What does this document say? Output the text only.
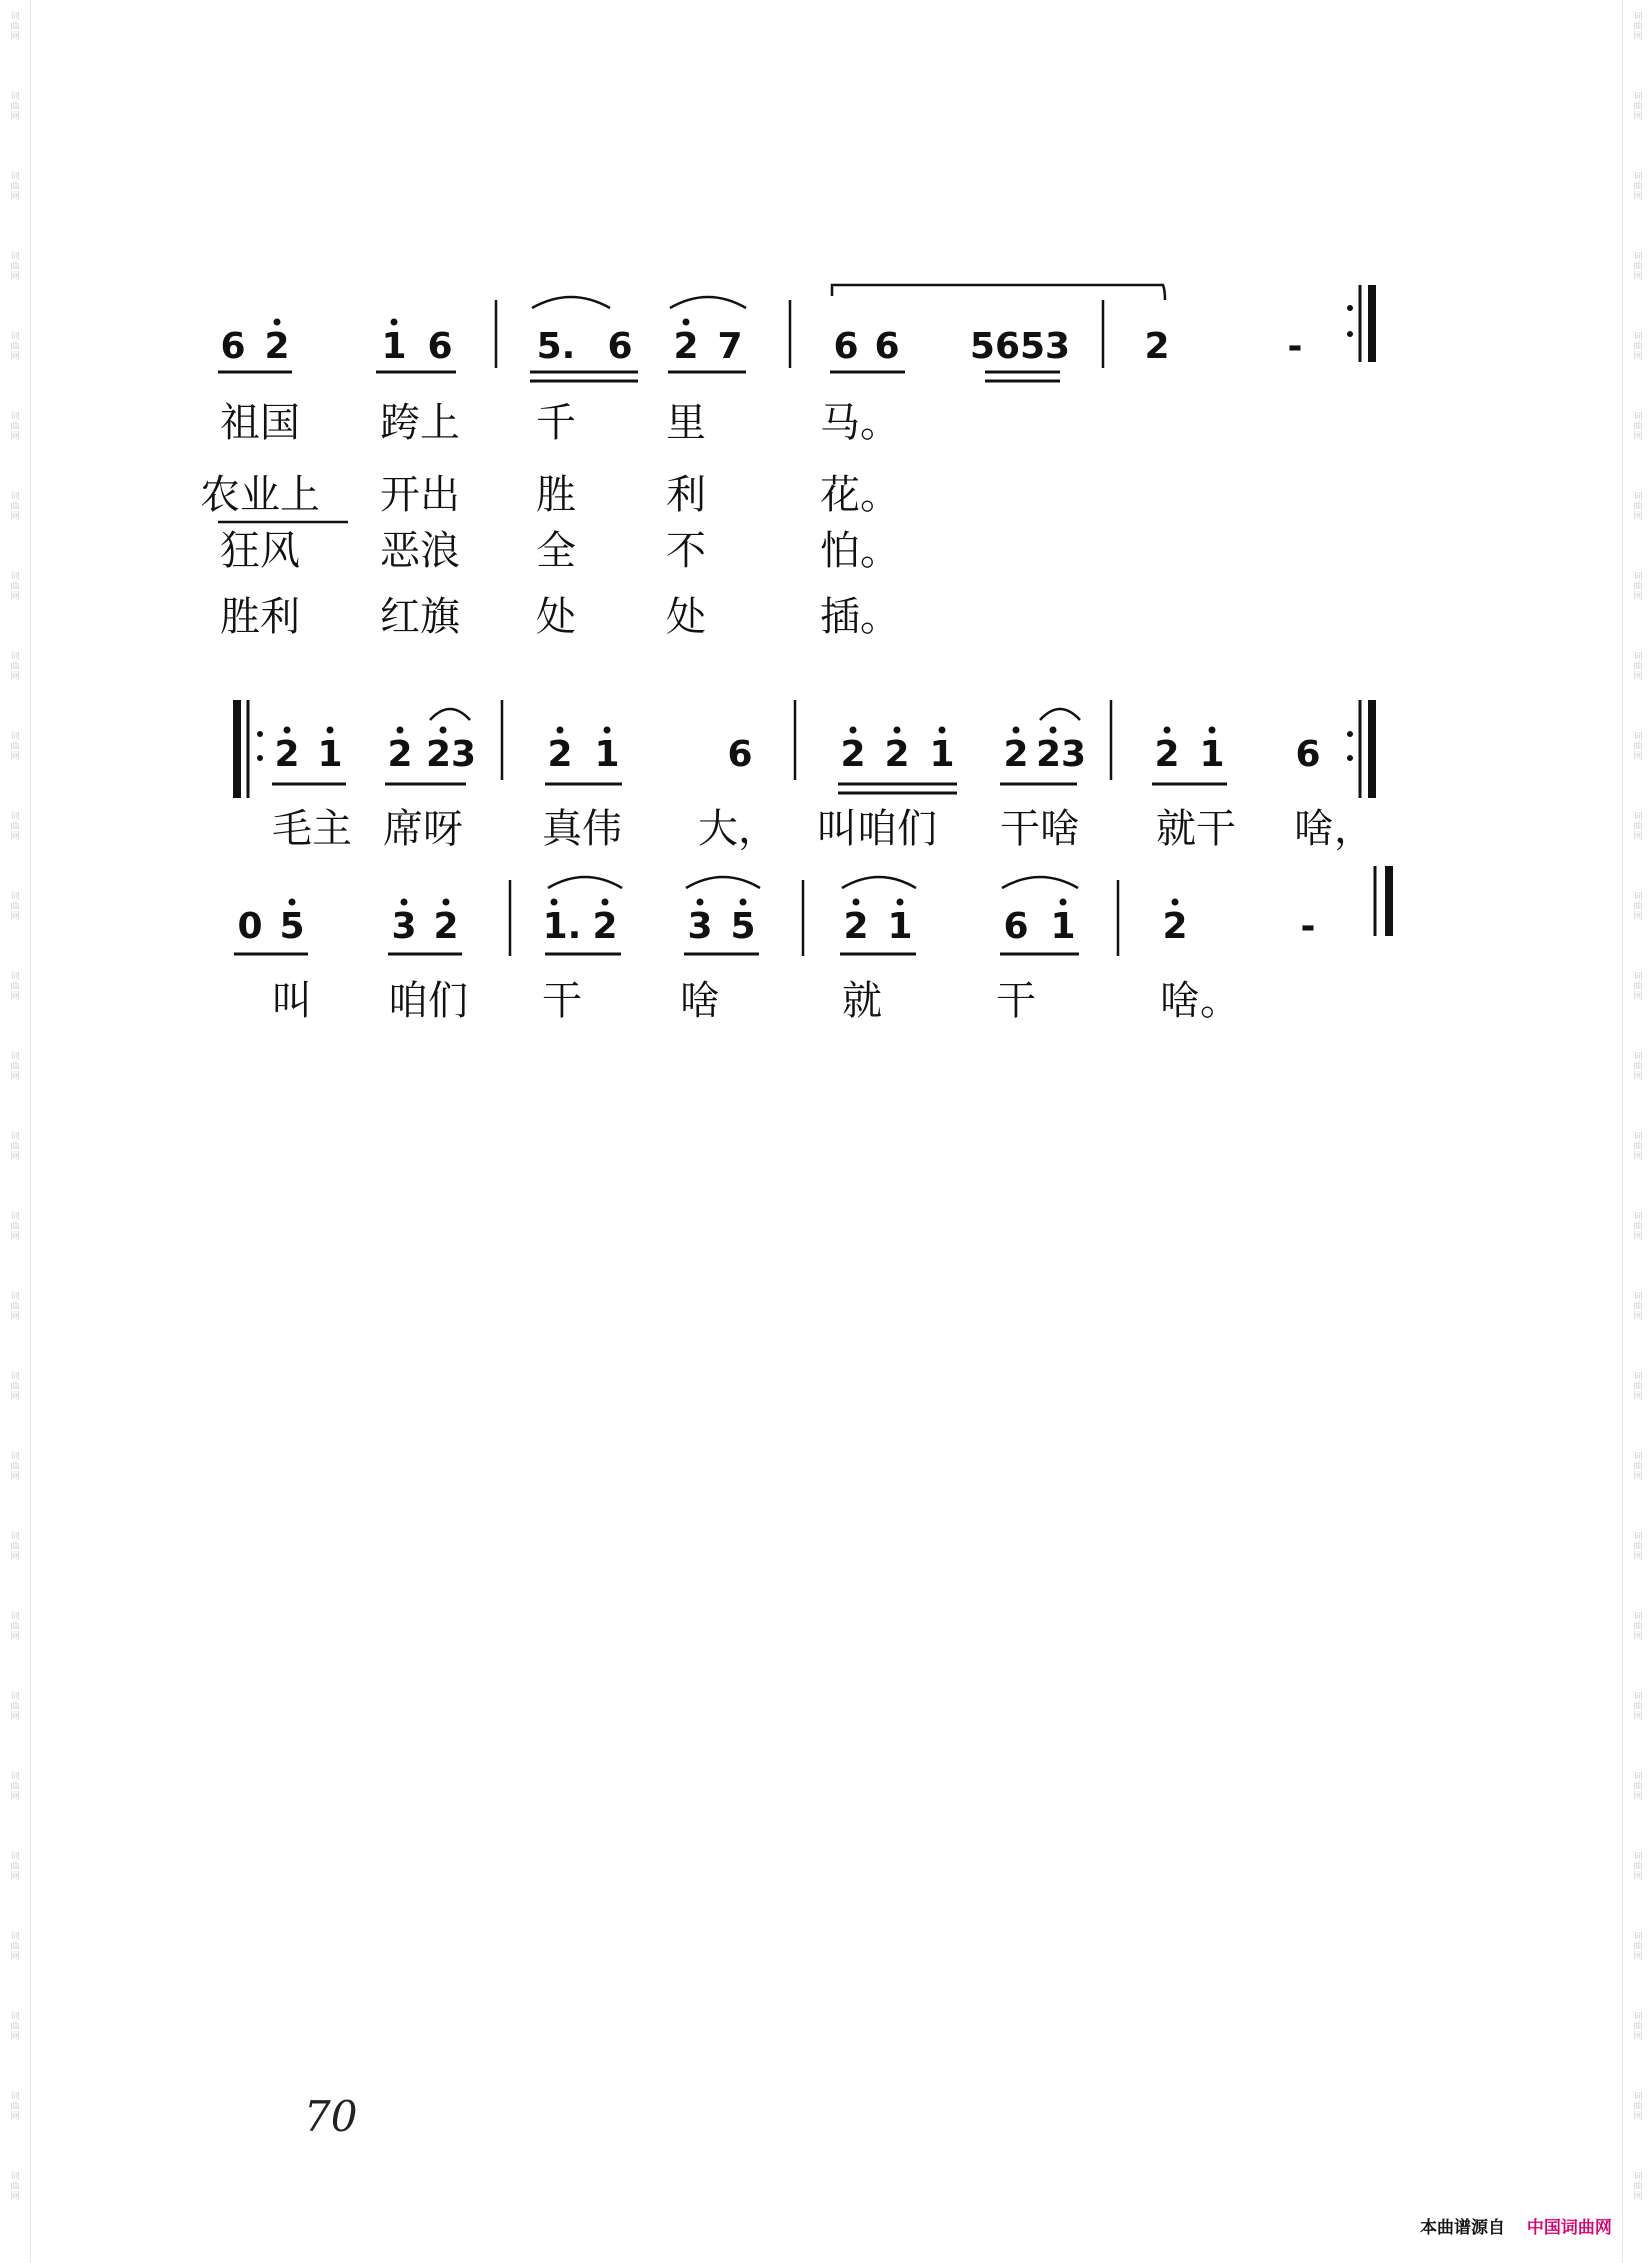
词
曲
网
词
曲
网
词
曲
网
词
曲
网
词
曲
网
词
曲
网
词
曲
网
词
曲
网
词
曲
网
词
曲
网
词
曲
网
词
曲
网
词
曲
网
词
曲
网
词
曲
网
词
曲
网
词
曲
网
词
曲
网
词
曲
网
词
曲
网
词
曲
网
词
曲
网
词
曲
网
词
曲
网
词
曲
网
词
曲
网
词
曲
网
词
曲
网
词
曲
网
词
曲
网
词
曲
网
词
曲
网
词
曲
网
词
曲
网
词
曲
网
词
曲
网
词
曲
网
词
曲
网
词
曲
网
词
曲
网
词
曲
网
词
曲
网
词
曲
网
词
曲
网
词
曲
网
词
曲
网
词
曲
网
词
曲
网
词
曲
网
词
曲
网
词
曲
网
词
曲
网
词
曲
网
词
曲
网
词
曲
网
词
曲
网
6 2	1 6 5. 6 2 7	6 6 5653 2	-
祖国 跨上 千 里	马。
农业上 开出 胜 利	花。
狂风 恶浪 全 不	怕。
胜利 红旗 处 处	插。
2 1 2 23 2 1	6 2 2 1 2 23 2 1 6
毛主 席呀 真伟 大， 叫咱们 干啥 就干 啥，
0 5 3 2 1. 2 3 5 2 1	6 1 2	-
叫 咱们 干 啥	就	干	啥。
70
本曲谱源自 中国词曲网
